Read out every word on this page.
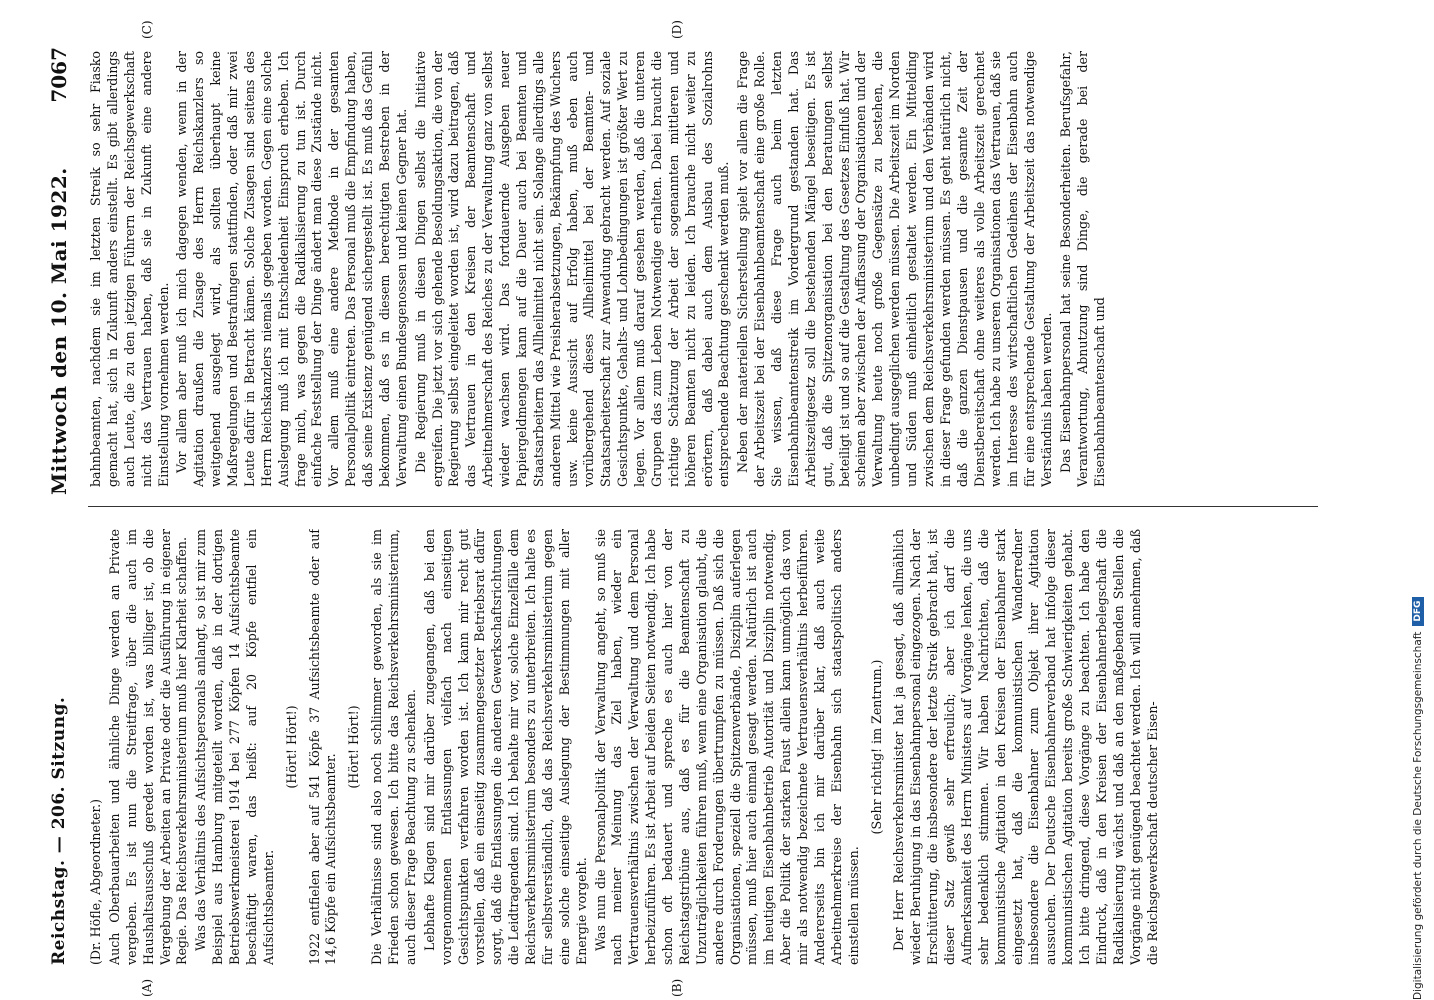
Reichstag. — 206. Sitzung.
Mittwoch den 10. Mai 1922.
7067
(A)	(B)
(C)	(D)

(Dr. Höfle, Abgeordneter.) Auch Oberbauarbeiten und ähnliche Dinge werden an Private vergeben. Es ist nun die Streitfrage, über die auch im Haushaltsausschuß geredet worden ist, was billiger ist, ob die Vergebung der Arbeiten an Private oder die Ausführung in eigener Regie. Das Reichsverkehrsministerium muß hier Klarheit schaffen. Was das Verhältnis des Aufsichtspersonals anlangt, so ist mir zum Beispiel aus Hamburg mitgeteilt worden, daß in der dortigen Betriebswerkmeisterei 1914 bei 277 Köpfen 14 Aufsichtsbeamte beschäftigt waren, das heißt: auf 20 Köpfe entfiel ein Aufsichtsbeamter.

(Hört! Hört!) 1922 entfielen aber auf 541 Köpfe 37 Aufsichtsbeamte oder auf 14,6 Köpfe ein Aufsichtsbeamter.

(Hört! Hört!) Die Verhältnisse sind also noch schlimmer geworden, als sie im Frieden schon gewesen. Ich bitte das Reichsverkehrsministerium, auch dieser Frage Beachtung zu schenken. Lebhafte Klagen sind mir darüber zugegangen, daß bei den vorgenommenen Entlassungen vielfach nach einseitigen Gesichtspunkten verfahren worden ist. Ich kann mir recht gut vorstellen, daß ein einseitig zusammengesetzter Betriebsrat dafür sorgt, daß die Entlassungen die anderen Gewerkschaftsrichtungen die Leidtragenden sind. Ich behalte mir vor, solche Einzelfälle dem Reichsverkehrsministerium besonders zu unterbreiten. Ich halte es für selbstverständlich, daß das Reichsverkehrsministerium gegen eine solche einseitige Auslegung der Bestimmungen mit aller Energie vorgeht. Was nun die Personalpolitik der Verwaltung angeht, so muß sie nach meiner Meinung das Ziel haben, wieder ein Vertrauensverhältnis zwischen der Verwaltung und dem Personal herbeizuführen. Es ist Arbeit auf beiden Seiten notwendig. Ich habe schon oft bedauert und spreche es auch hier von der Reichstagstribüne aus, daß es für die Beamtenschaft zu Unzuträglichkeiten führen muß, wenn eine Organisation glaubt, die andere durch Forderungen übertrumpfen zu müssen. Daß sich die Organisationen, speziell die Spitzenverbände, Disziplin auferlegen müssen, muß hier auch einmal gesagt werden. Natürlich ist auch im heutigen Eisenbahnbetrieb Autorität und Disziplin notwendig. Aber die Politik der starken Faust allein kann unmöglich das von mir als notwendig bezeichnete Vertrauensverhältnis herbeiführen. Andererseits bin ich mir darüber klar, daß auch weite Arbeitnehmerkreise der Eisenbahn sich staatspolitisch anders einstellen müssen.

(Sehr richtig! im Zentrum.) Der Herr Reichsverkehrsminister hat ja gesagt, daß allmählich wieder Beruhigung in das Eisenbahnpersonal eingezogen. Nach der Erschütterung, die insbesondere der letzte Streik gebracht hat, ist dieser Satz gewiß sehr erfreulich; aber ich darf die Aufmerksamkeit des Herrn Ministers auf Vorgänge lenken, die uns sehr bedenklich stimmen. Wir haben Nachrichten, daß die kommunistische Agitation in den Kreisen der Eisenbahner stark eingesetzt hat, daß die kommunistischen Wanderredner insbesondere die Eisenbahner zum Objekt ihrer Agitation aussuchen. Der Deutsche Eisenbahnerverband hat infolge dieser kommunistischen Agitation bereits große Schwierigkeiten gehabt. Ich bitte dringend, diese Vorgänge zu beachten. Ich habe den Eindruck, daß in den Kreisen der Eisenbahnerbelegschaft die Radikalisierung wächst und daß an den maßgebenden Stellen die Vorgänge nicht genügend beachtet werden. Ich will annehmen, daß die Reichsgewerkschaft deutscher Eisen-

bahnbeamten, nachdem sie im letzten Streik so sehr Fiasko gemacht hat, sich in Zukunft anders einstellt. Es gibt allerdings auch Leute, die zu den jetzigen Führern der Reichsgewerkschaft nicht das Vertrauen haben, daß sie in Zukunft eine andere Einstellung vornehmen werden. Vor allem aber muß ich mich dagegen wenden, wenn in der Agitation draußen die Zusage des Herrn Reichskanzlers so weitgehend ausgelegt wird, als sollten überhaupt keine Maßregelungen und Bestrafungen stattfinden, oder daß mir zwei Leute dafür in Betracht kämen. Solche Zusagen sind seitens des Herrn Reichskanzlers niemals gegeben worden. Gegen eine solche Auslegung muß ich mit Entschiedenheit Einspruch erheben. Ich frage mich, was gegen die Radikalisierung zu tun ist. Durch einfache Feststellung der Dinge ändert man diese Zustände nicht. Vor allem muß eine andere Methode in der gesamten Personalpolitik eintreten. Das Personal muß die Empfindung haben, daß seine Existenz genügend sichergestellt ist. Es muß das Gefühl bekommen, daß es in diesem berechtigten Bestreben in der Verwaltung einen Bundesgenossen und keinen Gegner hat. Die Regierung muß in diesen Dingen selbst die Initiative ergreifen. Die jetzt vor sich gehende Besoldungsaktion, die von der Regierung selbst eingeleitet worden ist, wird dazu beitragen, daß das Vertrauen in den Kreisen der Beamtenschaft und Arbeitnehmerschaft des Reiches zu der Verwaltung ganz von selbst wieder wachsen wird. Das fortdauernde Ausgeben neuer Papiergeldmengen kann auf die Dauer auch bei Beamten und Staatsarbeitern das Allheilmittel nicht sein. Solange allerdings alle anderen Mittel wie Preisherabsetzungen, Bekämpfung des Wuchers usw. keine Aussicht auf Erfolg haben, muß eben auch vorübergehend dieses Allheilmittel bei der Beamten- und Staatsarbeiterschaft zur Anwendung gebracht werden. Auf soziale Gesichtspunkte, Gehalts- und Lohnbedingungen ist größter Wert zu legen. Vor allem muß darauf gesehen werden, daß die unteren Gruppen das zum Leben Notwendige erhalten. Dabei braucht die richtige Schätzung der Arbeit der sogenannten mittleren und höheren Beamten nicht zu leiden. Ich brauche nicht weiter zu erörtern, daß dabei auch dem Ausbau des Sozialrohns entsprechende Beachtung geschenkt werden muß. Neben der materiellen Sicherstellung spielt vor allem die Frage der Arbeitszeit bei der Eisenbahnbeamtenschaft eine große Rolle. Sie wissen, daß diese Frage auch beim letzten Eisenbahnbeamtenstreik im Vordergrund gestanden hat. Das Arbeitszeitgesetz soll die bestehenden Mängel beseitigen. Es ist gut, daß die Spitzenorganisation bei den Beratungen selbst beteiligt ist und so auf die Gestaltung des Gesetzes Einfluß hat. Wir scheinen aber zwischen der Auffassung der Organisationen und der Verwaltung heute noch große Gegensätze zu bestehen, die unbedingt ausgeglichen werden müssen. Die Arbeitszeit im Norden und Süden muß einheitlich gestaltet werden. Ein Mittelding zwischen dem Reichsverkehrsministerium und den Verbänden wird in dieser Frage gefunden werden müssen. Es geht natürlich nicht, daß die ganzen Dienstpausen und die gesamte Zeit der Dienstbereitschaft ohne weiteres als volle Arbeitszeit gerechnet werden. Ich habe zu unseren Organisationen das Vertrauen, daß sie im Interesse des wirtschaftlichen Gedeihens der Eisenbahn auch für eine entsprechende Gestaltung der Arbeitszeit das notwendige Verständnis haben werden. Das Eisenbahnpersonal hat seine Besonderheiten. Berufsgefahr, Verantwortung, Abnutzung sind Dinge, die gerade bei der Eisenbahnbeamtenschaft und

Digitalisierung gefördert durch die Deutsche Forschungsgemeinschaft
DFG
